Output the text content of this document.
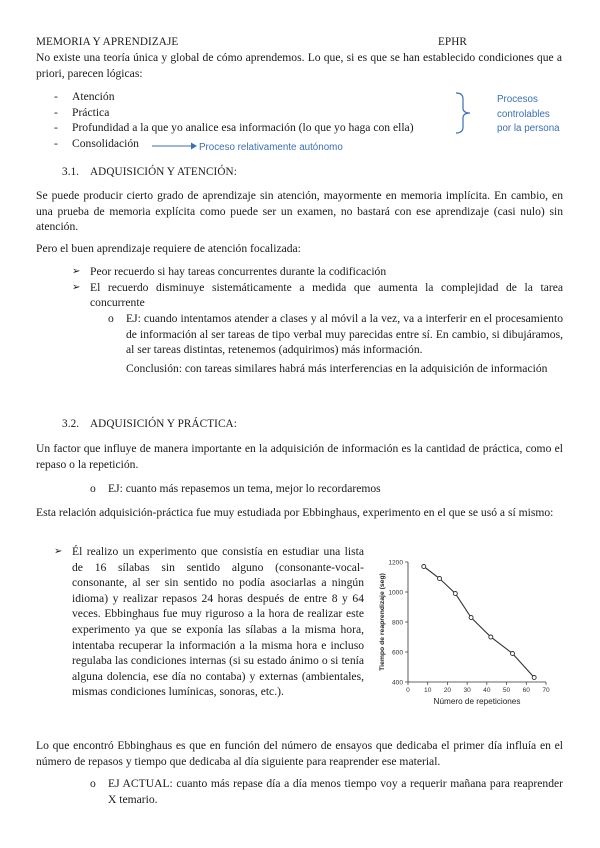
MEMORIA Y APRENDIZAJE	EPHR
No existe una teoría única y global de cómo aprendemos. Lo que, si es que se han establecido condiciones que a priori, parecen lógicas:
-	Atención
-	Práctica
-	Profundidad a la que yo analice esa información (lo que yo haga con ella)
-	Consolidación
Procesos
controlables
por la persona
Proceso relativamente autónomo
3.1. ADQUISICIÓN Y ATENCIÓN:
Se puede producir cierto grado de aprendizaje sin atención, mayormente en memoria implícita. En cambio, en una prueba de memoria explícita como puede ser un examen, no bastará con ese aprendizaje (casi nulo) sin atención.
Pero el buen aprendizaje requiere de atención focalizada:
➢ Peor recuerdo si hay tareas concurrentes durante la codificación
➢ El recuerdo disminuye sistemáticamente a medida que aumenta la complejidad de la tarea concurrente
o	EJ: cuando intentamos atender a clases y al móvil a la vez, va a interferir en el procesamiento de información al ser tareas de tipo verbal muy parecidas entre sí. En cambio, si dibujáramos, al ser tareas distintas, retenemos (adquirimos) más información.
Conclusión: con tareas similares habrá más interferencias en la adquisición de información
3.2. ADQUISICIÓN Y PRÁCTICA:
Un factor que influye de manera importante en la adquisición de información es la cantidad de práctica, como el repaso o la repetición.
o	EJ: cuanto más repasemos un tema, mejor lo recordaremos
Esta relación adquisición-práctica fue muy estudiada por Ebbinghaus, experimento en el que se usó a sí mismo:
➢ Él realizo un experimento que consistía en estudiar una lista de 16 sílabas sin sentido alguno (consonante-vocal-consonante, al ser sin sentido no podía asociarlas a ningún idioma) y realizar repasos 24 horas después de entre 8 y 64 veces. Ebbinghaus fue muy riguroso a la hora de realizar este experimento ya que se exponía las sílabas a la misma hora, intentaba recuperar la información a la misma hora e incluso regulaba las condiciones internas (si su estado ánimo o si tenía alguna dolencia, ese día no contaba) y externas (ambientales, mismas condiciones lumínicas, sonoras, etc.).
400
600
800
1000
1200
0 10 20 30 40 50 60 70
Número de repeticiones
Tiempo de reaprendizaje (seg)
Lo que encontró Ebbinghaus es que en función del número de ensayos que dedicaba el primer día influía en el número de repasos y tiempo que dedicaba al día siguiente para reaprender ese material.
o	EJ ACTUAL: cuanto más repase día a día menos tiempo voy a requerir mañana para reaprender X temario.
